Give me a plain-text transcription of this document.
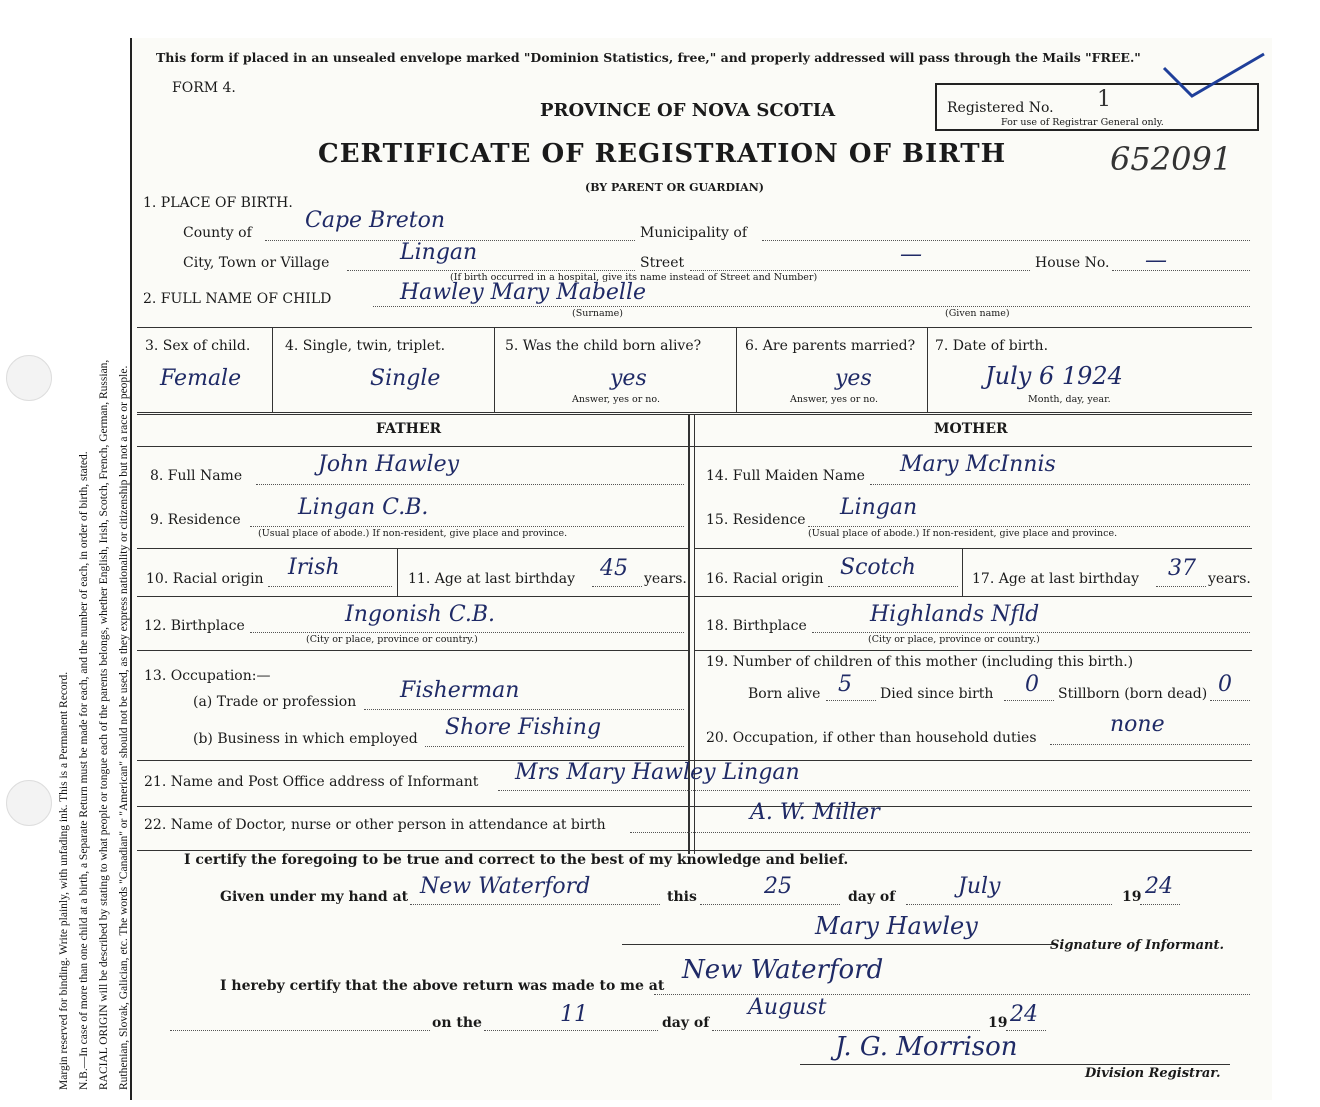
Margin reserved for binding. Write plainly, with unfading ink. This is a Permanent Record. N.B.—In case of more than one child at a birth, a Separate Return must be made for each, and the number of each, in order of birth, stated. RACIAL ORIGIN will be described by stating to what people or tongue each of the parents belongs, whether English, Irish, Scotch, French, German, Russian, Ruthenian, Slovak, Galician, etc. The words "Canadian" or "American" should not be used, as they express nationality or citizenship but not a race or people.
This form if placed in an unsealed envelope marked "Dominion Statistics, free," and properly addressed will pass through the Mails "FREE."
FORM 4.
PROVINCE OF NOVA SCOTIA	Registered No. 1
For use of Registrar General only.
CERTIFICATE OF REGISTRATION OF BIRTH	652091
(BY PARENT OR GUARDIAN)
1. PLACE OF BIRTH.
County of Cape Breton	Municipality of
City, Town or Village	Lingan	Street	—	House No. —
(If birth occurred in a hospital, give its name instead of Street and Number)
2. FULL NAME OF CHILD	Hawley Mary Mabelle
(Surname)	(Given name)
3. Sex of child.
Female
4. Single, twin, triplet.
Single
5. Was the child born alive?
yes
Answer, yes or no.
6. Are parents married?
yes
Answer, yes or no.
7. Date of birth.
July 6 1924
Month, day, year.
FATHER	MOTHER
8. Full Name	John Hawley
9. Residence	Lingan C.B.
(Usual place of abode.) If non-resident, give place and province.
10. Racial origin Irish	11. Age at last birthday 45 years.
12. Birthplace	Ingonish C.B.
(City or place, province or country.)
13. Occupation:—
(a) Trade or profession Fisherman
(b) Business in which employed Shore Fishing
14. Full Maiden Name Mary McInnis
15. Residence Lingan
(Usual place of abode.) If non-resident, give place and province.
16. Racial origin Scotch	17. Age at last birthday 37 years.
18. Birthplace	Highlands Nfld
(City or place, province or country.)
19. Number of children of this mother (including this birth.)
Born alive 5 Died since birth 0 Stillborn (born dead) 0
20. Occupation, if other than household duties
none
21. Name and Post Office address of Informant Mrs Mary Hawley Lingan
22. Name of Doctor, nurse or other person in attendance at birth	A. W. Miller
I certify the foregoing to be true and correct to the best of my knowledge and belief.
Given under my hand at New Waterford	this	25	day of	July	19 24
Mary Hawley
Signature of Informant.
I hereby certify that the above return was made to me at
New Waterford
on the	11	day of
August
19 24
J. G. Morrison
Division Registrar.
